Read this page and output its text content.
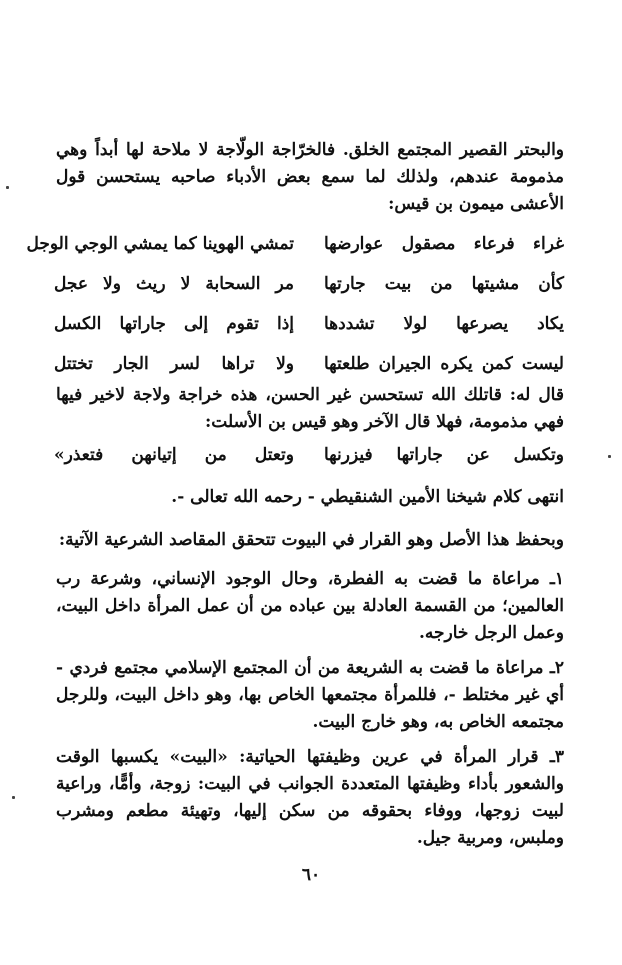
والبحتر القصير المجتمع الخلق. فالخرّاجة الولّاجة لا ملاحة لها أبداً وهي مذمومة عندهم، ولذلك لما سمع بعض الأدباء صاحبه يستحسن قول الأعشى ميمون بن قيس:

غراء فرعاء مصقول عوارضها
تمشي الهوينا كما يمشي الوجي الوجل
كأن مشيتها من بيت جارتها
مر السحابة لا ريث ولا عجل
يكاد يصرعها لولا تشددها
إذا تقوم إلى جاراتها الكسل
ليست كمن يكره الجيران طلعتها
ولا تراها لسر الجار تختتل

قال له: قاتلك الله تستحسن غير الحسن، هذه خراجة ولاجة لاخير فيها فهي مذمومة، فهلا قال الآخر وهو قيس بن الأسلت:

وتكسل عن جاراتها فيزرنها
وتعتل من إتيانهن فتعذر»

انتهى كلام شيخنا الأمين الشنقيطي - رحمه الله تعالى -.

وبحفظ هذا الأصل وهو القرار في البيوت تتحقق المقاصد الشرعية الآتية:

١ـ مراعاة ما قضت به الفطرة، وحال الوجود الإنساني، وشرعة رب العالمين؛ من القسمة العادلة بين عباده من أن عمل المرأة داخل البيت، وعمل الرجل خارجه.

٢ـ مراعاة ما قضت به الشريعة من أن المجتمع الإسلامي مجتمع فردي - أي غير مختلط -، فللمرأة مجتمعها الخاص بها، وهو داخل البيت، وللرجل مجتمعه الخاص به، وهو خارج البيت.

٣ـ قرار المرأة في عرين وظيفتها الحياتية: «البيت» يكسبها الوقت والشعور بأداء وظيفتها المتعددة الجوانب في البيت: زوجة، وأمًّا، وراعية لبيت زوجها، ووفاء بحقوقه من سكن إليها، وتهيئة مطعم ومشرب وملبس، ومربية جيل.

٦٠
